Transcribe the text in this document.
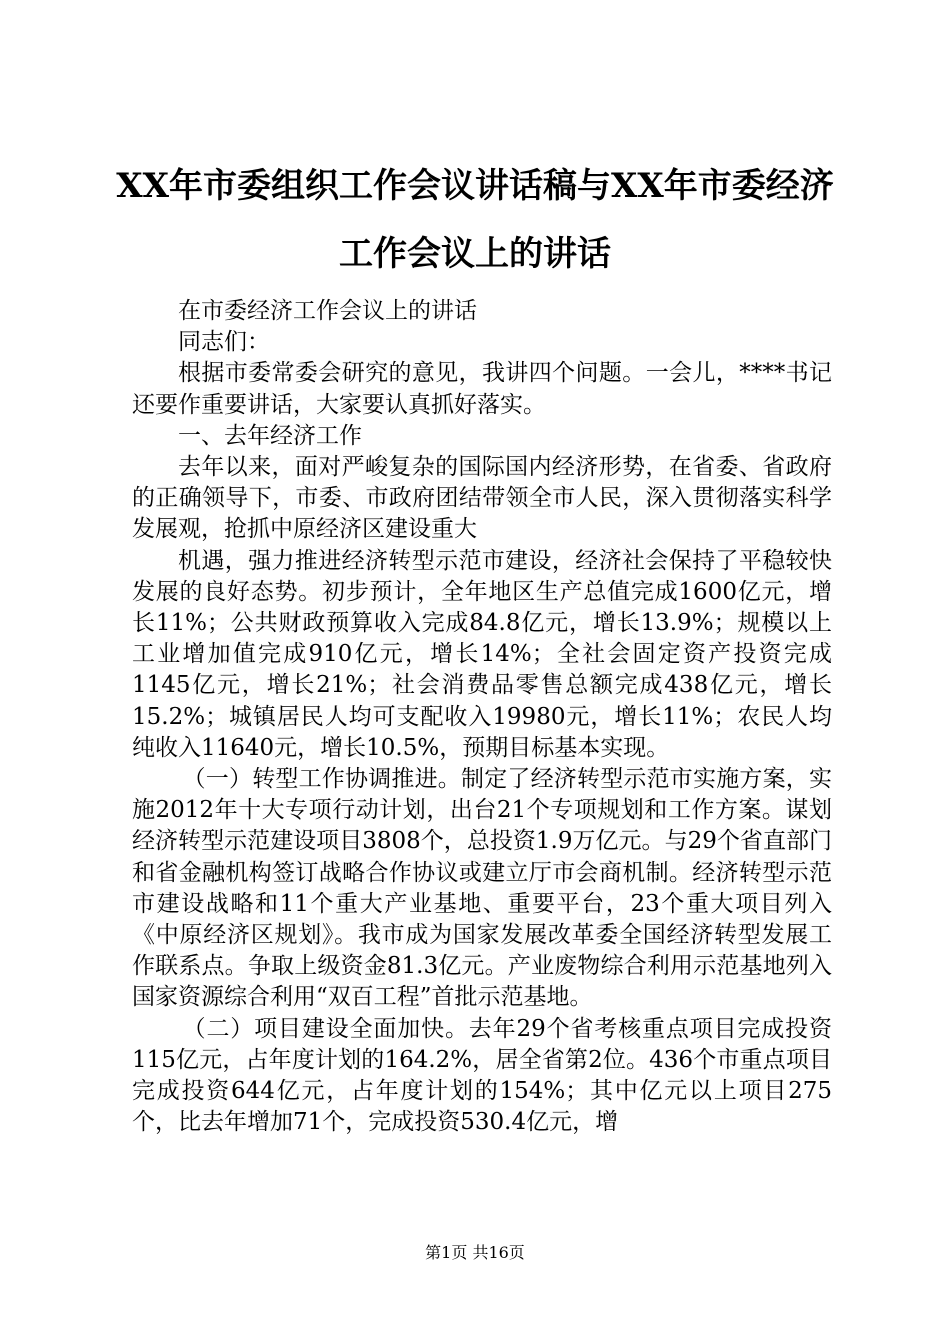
XX年市委组织工作会议讲话稿与XX年市委经济工作会议上的讲话

在市委经济工作会议上的讲话

同志们：

根据市委常委会研究的意见，我讲四个问题。一会儿，****书记还要作重要讲话，大家要认真抓好落实。

一、去年经济工作

去年以来，面对严峻复杂的国际国内经济形势，在省委、省政府的正确领导下，市委、市政府团结带领全市人民，深入贯彻落实科学发展观，抢抓中原经济区建设重大

机遇，强力推进经济转型示范市建设，经济社会保持了平稳较快发展的良好态势。初步预计，全年地区生产总值完成1600亿元，增长11%；公共财政预算收入完成84.8亿元，增长13.9%；规模以上工业增加值完成910亿元，增长14%；全社会固定资产投资完成1145亿元，增长21%；社会消费品零售总额完成438亿元，增长15.2%；城镇居民人均可支配收入19980元，增长11%；农民人均纯收入11640元，增长10.5%，预期目标基本实现。

（一）转型工作协调推进。制定了经济转型示范市实施方案，实施2012年十大专项行动计划，出台21个专项规划和工作方案。谋划经济转型示范建设项目3808个，总投资1.9万亿元。与29个省直部门和省金融机构签订战略合作协议或建立厅市会商机制。经济转型示范市建设战略和11个重大产业基地、重要平台，23个重大项目列入《中原经济区规划》。我市成为国家发展改革委全国经济转型发展工作联系点。争取上级资金81.3亿元。产业废物综合利用示范基地列入国家资源综合利用“双百工程”首批示范基地。

（二）项目建设全面加快。去年29个省考核重点项目完成投资115亿元，占年度计划的164.2%，居全省第2位。436个市重点项目完成投资644亿元，占年度计划的154%；其中亿元以上项目275个，比去年增加71个，完成投资530.4亿元，增

第1页 共16页
